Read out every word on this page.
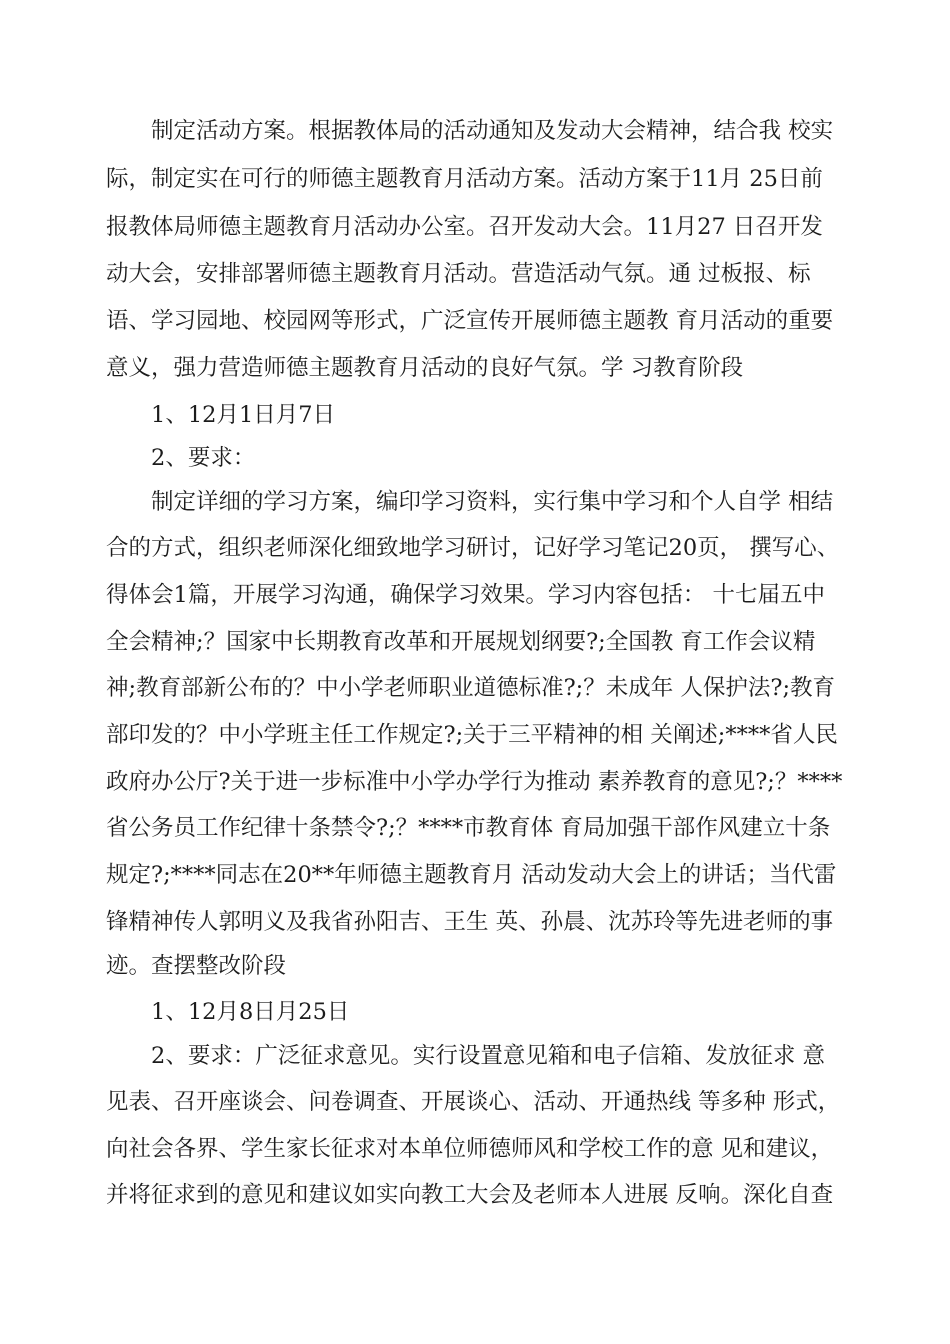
制定活动方案。根据教体局的活动通知及发动大会精神，结合我 校实
际，制定实在可行的师德主题教育月活动方案。活动方案于11月 25日前
报教体局师德主题教育月活动办公室。召开发动大会。11月27 日召开发
动大会，安排部署师德主题教育月活动。营造活动气氛。通 过板报、标
语、学习园地、校园网等形式，广泛宣传开展师德主题教 育月活动的重要
意义，强力营造师德主题教育月活动的良好气氛。学 习教育阶段
1、12月1日月7日
2、要求：
制定详细的学习方案，编印学习资料，实行集中学习和个人自学 相结
合的方式，组织老师深化细致地学习研讨，记好学习笔记20页， 撰写心、
得体会1篇，开展学习沟通，确保学习效果。学习内容包括： 十七届五中
全会精神;？国家中长期教育改革和开展规划纲要?;全国教 育工作会议精
神;教育部新公布的？中小学老师职业道德标准?;？未成年 人保护法?;教育
部印发的？中小学班主任工作规定?;关于三平精神的相 关阐述;****省人民
政府办公厅?关于进一步标准中小学办学行为推动 素养教育的意见?;？****
省公务员工作纪律十条禁令?;？****市教育体 育局加强干部作风建立十条
规定?;****同志在20**年师德主题教育月 活动发动大会上的讲话；当代雷
锋精神传人郭明义及我省孙阳吉、王生 英、孙晨、沈苏玲等先进老师的事
迹。查摆整改阶段
1、12月8日月25日
2、要求：广泛征求意见。实行设置意见箱和电子信箱、发放征求 意
见表、召开座谈会、问卷调查、开展谈心、活动、开通热线 等多种 形式，
向社会各界、学生家长征求对本单位师德师风和学校工作的意 见和建议，
并将征求到的意见和建议如实向教工大会及老师本人进展 反响。深化自查
